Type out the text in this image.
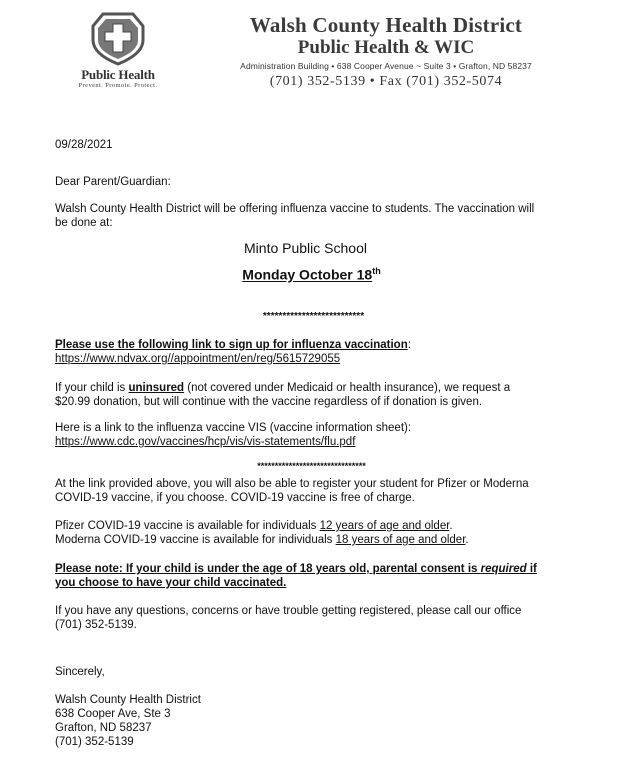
Public Health
Prevent. Promote. Protect.
Walsh County Health District
Public Health & WIC
Administration Building • 638 Cooper Avenue ~ Suite 3 • Grafton, ND 58237
(701) 352-5139 • Fax (701) 352-5074
09/28/2021
Dear Parent/Guardian:
Walsh County Health District will be offering influenza vaccine to students. The vaccination will
be done at:
Minto Public School
Monday October 18th
**************************
Please use the following link to sign up for influenza vaccination:
https://www.ndvax.org//appointment/en/reg/5615729055
If your child is uninsured (not covered under Medicaid or health insurance), we request a
$20.99 donation, but will continue with the vaccine regardless of if donation is given.
Here is a link to the influenza vaccine VIS (vaccine information sheet):
https://www.cdc.gov/vaccines/hcp/vis/vis-statements/flu.pdf
*******************************
At the link provided above, you will also be able to register your student for Pfizer or Moderna
COVID-19 vaccine, if you choose. COVID-19 vaccine is free of charge.
Pfizer COVID-19 vaccine is available for individuals 12 years of age and older.
Moderna COVID-19 vaccine is available for individuals 18 years of age and older.
Please note: If your child is under the age of 18 years old, parental consent is required if
you choose to have your child vaccinated.
If you have any questions, concerns or have trouble getting registered, please call our office
(701) 352-5139.
Sincerely,
Walsh County Health District
638 Cooper Ave, Ste 3
Grafton, ND 58237
(701) 352-5139
